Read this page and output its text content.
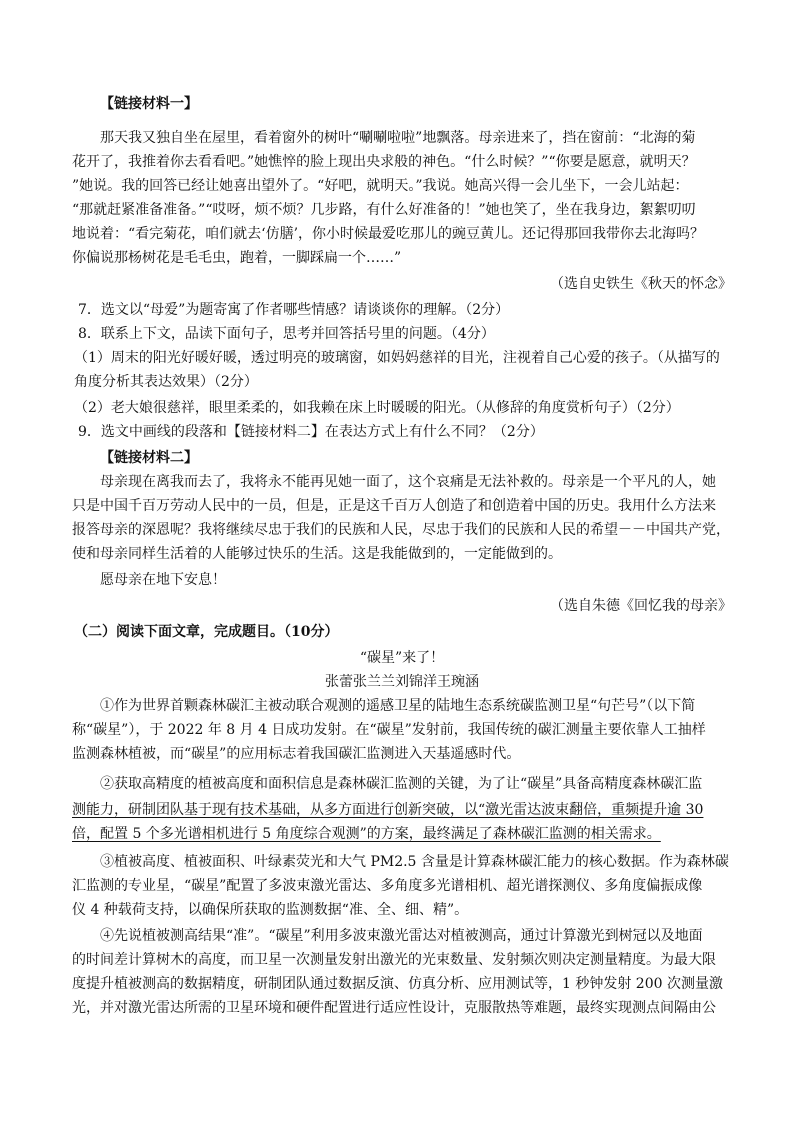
【链接材料一】
那天我又独自坐在屋里，看着窗外的树叶“唰唰啦啦”地飘落。母亲进来了，挡在窗前：“北海的菊
花开了，我推着你去看看吧。”她憔悴的脸上现出央求般的神色。“什么时候？”“你要是愿意，就明天？
”她说。我的回答已经让她喜出望外了。“好吧，就明天。”我说。她高兴得一会儿坐下，一会儿站起：
“那就赶紧准备准备。”“哎呀，烦不烦？几步路，有什么好准备的！”她也笑了，坐在我身边，絮絮叨叨
地说着：“看完菊花，咱们就去‘仿膳’，你小时候最爱吃那儿的豌豆黄儿。还记得那回我带你去北海吗？
你偏说那杨树花是毛毛虫，跑着，一脚踩扁一个……”
（选自史铁生《秋天的怀念》
7．选文以“母爱”为题寄寓了作者哪些情感？请谈谈你的理解。（2分）
8．联系上下文，品读下面句子，思考并回答括号里的问题。（4分）
（1）周末的阳光好暖好暖，透过明亮的玻璃窗，如妈妈慈祥的目光，注视着自己心爱的孩子。（从描写的
角度分析其表达效果）（2分）
（2）老大娘很慈祥，眼里柔柔的，如我赖在床上时暖暖的阳光。（从修辞的角度赏析句子）（2分）
9．选文中画线的段落和【链接材料二】在表达方式上有什么不同？（2分）
【链接材料二】
母亲现在离我而去了，我将永不能再见她一面了，这个哀痛是无法补救的。母亲是一个平凡的人，她
只是中国千百万劳动人民中的一员，但是，正是这千百万人创造了和创造着中国的历史。我用什么方法来
报答母亲的深恩呢？我将继续尽忠于我们的民族和人民，尽忠于我们的民族和人民的希望－－中国共产党，
使和母亲同样生活着的人能够过快乐的生活。这是我能做到的，一定能做到的。
愿母亲在地下安息！
（选自朱德《回忆我的母亲》
（二）阅读下面文章，完成题目。（10分）
“碳星”来了！
张蕾张兰兰刘锦洋王琬涵
①作为世界首颗森林碳汇主被动联合观测的遥感卫星的陆地生态系统碳监测卫星“句芒号”（以下简
称“碳星”），于 2022 年 8 月 4 日成功发射。在“碳星”发射前，我国传统的碳汇测量主要依靠人工抽样
监测森林植被，而“碳星”的应用标志着我国碳汇监测进入天基遥感时代。
②获取高精度的植被高度和面积信息是森林碳汇监测的关键，为了让“碳星”具备高精度森林碳汇监
测能力，研制团队基于现有技术基础，从多方面进行创新突破，以“激光雷达波束翻倍，重频提升逾 30
倍，配置 5 个多光谱相机进行 5 角度综合观测”的方案，最终满足了森林碳汇监测的相关需求。
③植被高度、植被面积、叶绿素荧光和大气 PM2.5 含量是计算森林碳汇能力的核心数据。作为森林碳
汇监测的专业星，“碳星”配置了多波束激光雷达、多角度多光谱相机、超光谱探测仪、多角度偏振成像
仪 4 种载荷支持，以确保所获取的监测数据“准、全、细、精”。
④先说植被测高结果“准”。“碳星”利用多波束激光雷达对植被测高，通过计算激光到树冠以及地面
的时间差计算树木的高度，而卫星一次测量发射出激光的光束数量、发射频次则决定测量精度。为最大限
度提升植被测高的数据精度，研制团队通过数据反演、仿真分析、应用测试等，1 秒钟发射 200 次测量激
光，并对激光雷达所需的卫星环境和硬件配置进行适应性设计，克服散热等难题，最终实现测点间隔由公
